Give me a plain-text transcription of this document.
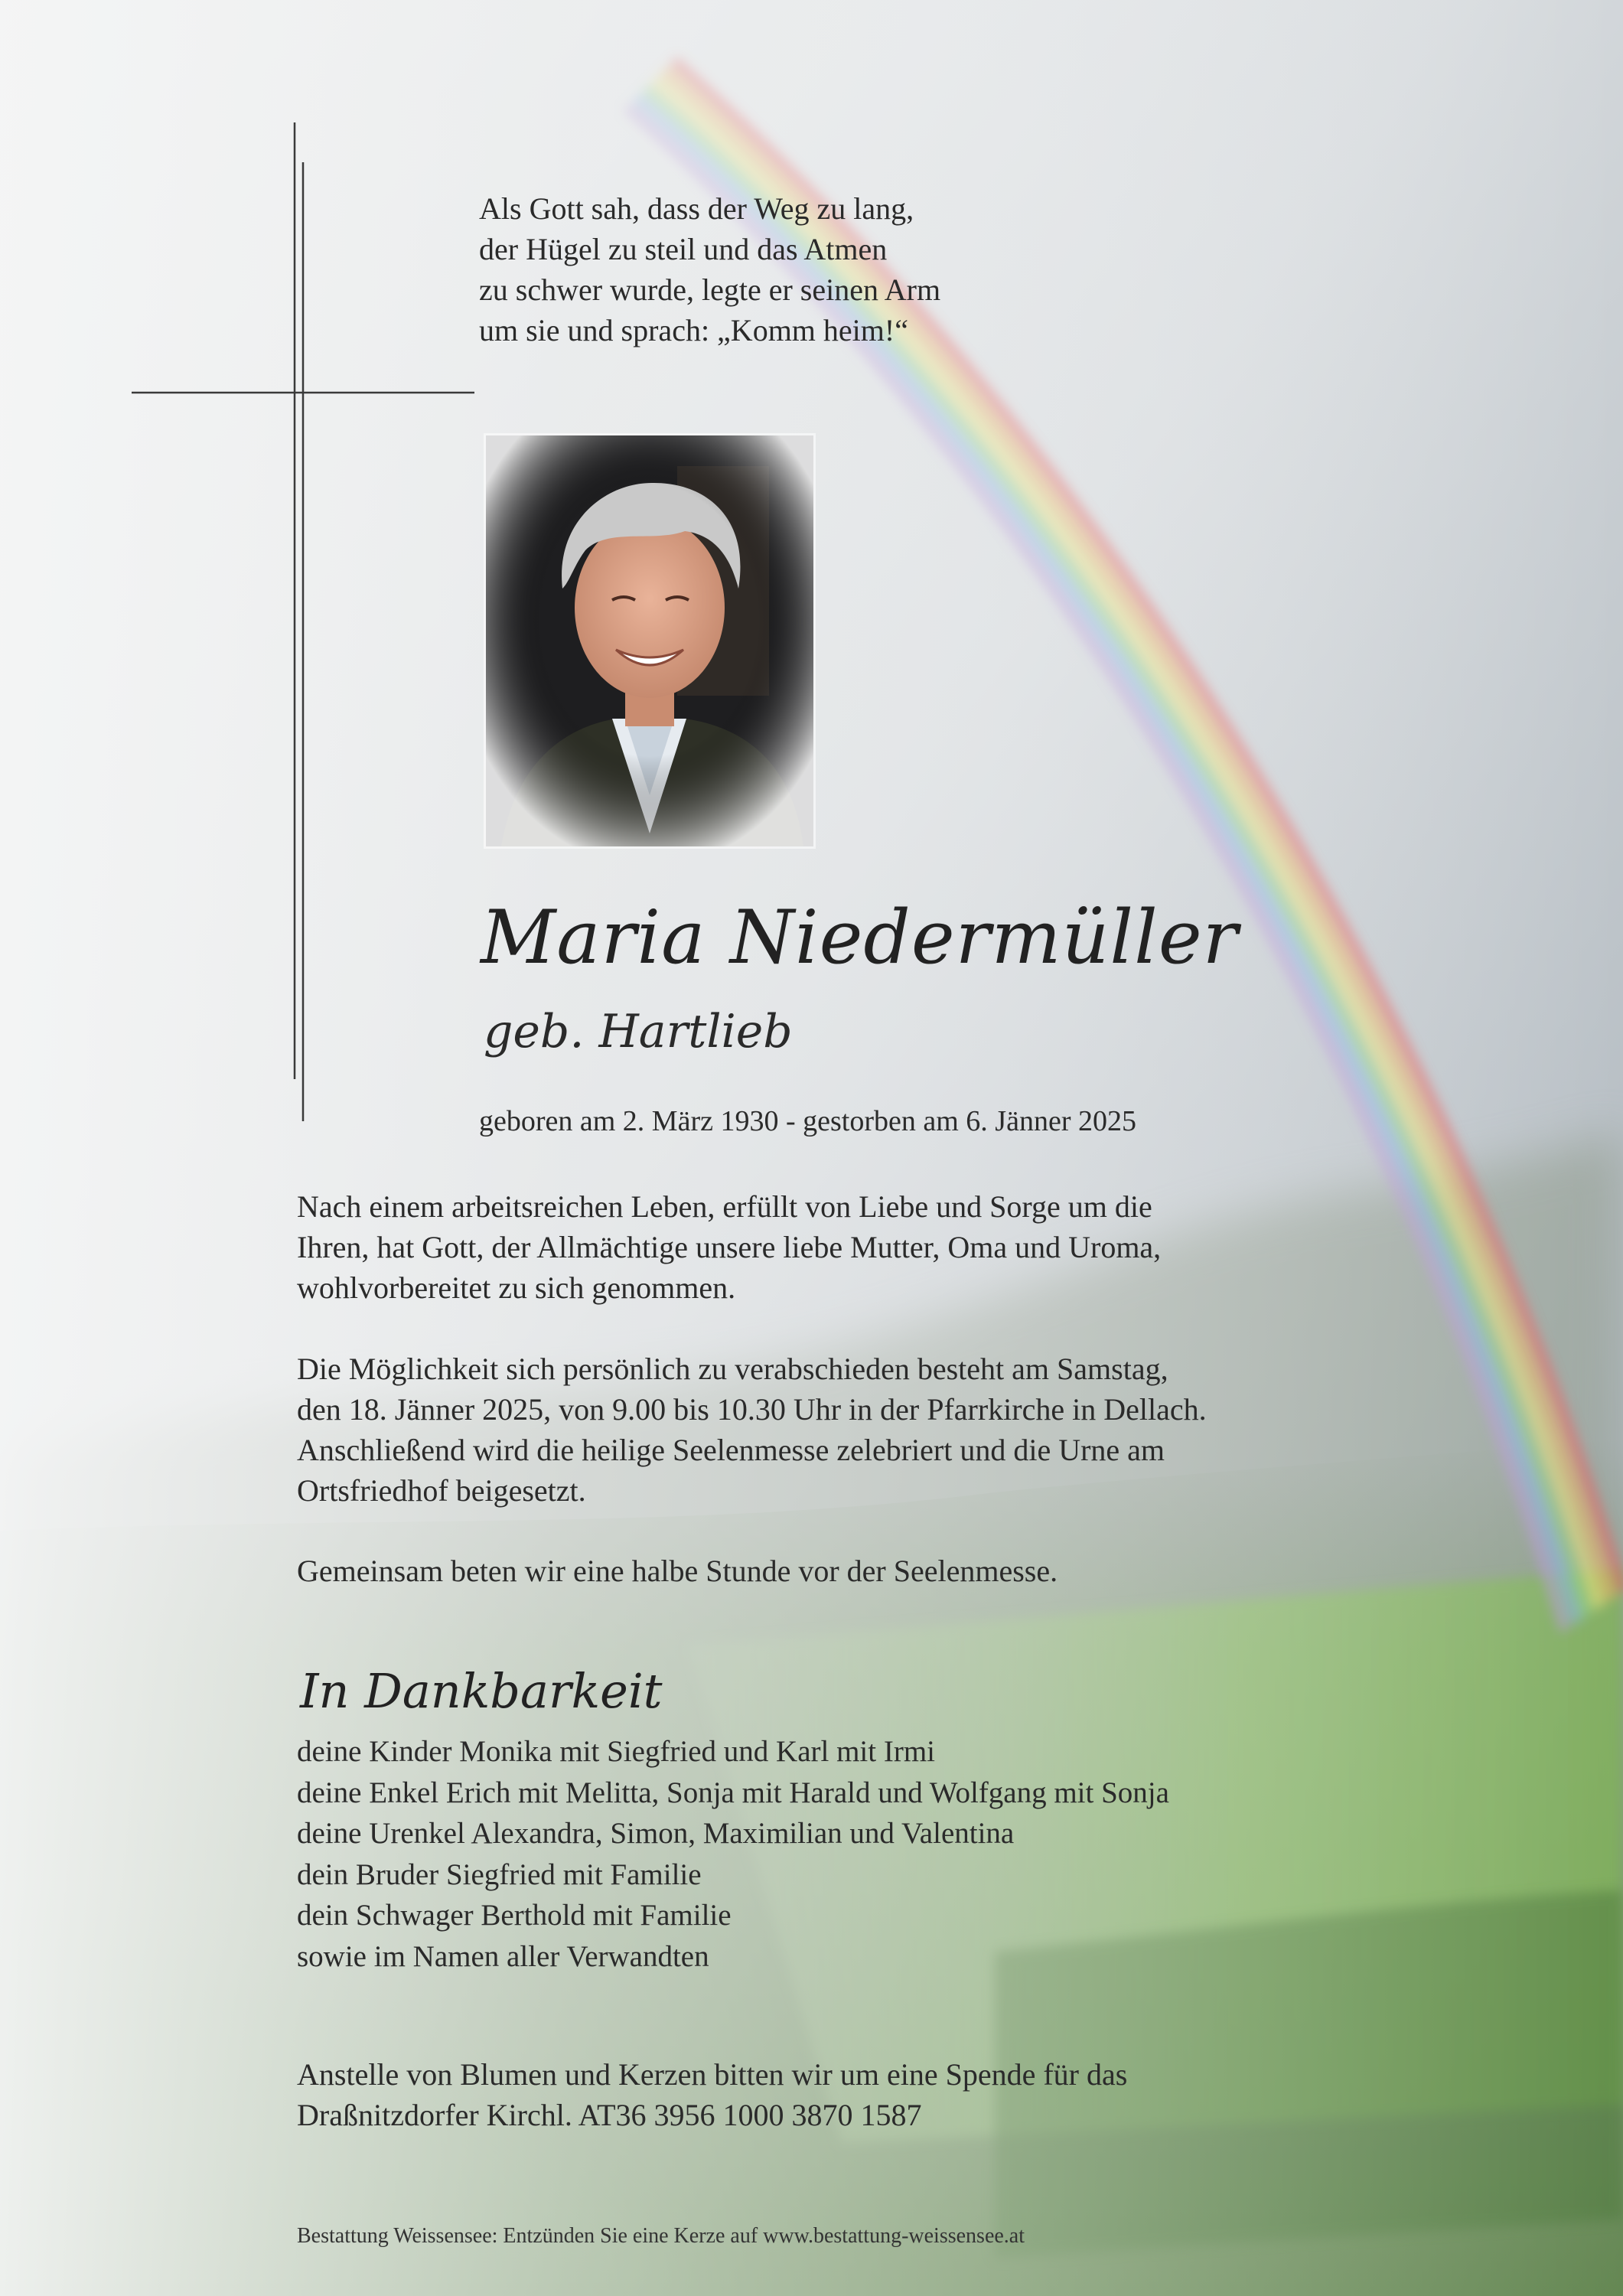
Als Gott sah, dass der Weg zu lang,
der Hügel zu steil und das Atmen
zu schwer wurde, legte er seinen Arm
um sie und sprach: „Komm heim!“
Maria Niedermüller
geb. Hartlieb
geboren am 2. März 1930 - gestorben am 6. Jänner 2025
Nach einem arbeitsreichen Leben, erfüllt von Liebe und Sorge um die
Ihren, hat Gott, der Allmächtige unsere liebe Mutter, Oma und Uroma,
wohlvorbereitet zu sich genommen.
Die Möglichkeit sich persönlich zu verabschieden besteht am Samstag,
den 18. Jänner 2025, von 9.00 bis 10.30 Uhr in der Pfarrkirche in Dellach.
Anschließend wird die heilige Seelenmesse zelebriert und die Urne am
Ortsfriedhof beigesetzt.
Gemeinsam beten wir eine halbe Stunde vor der Seelenmesse.
In Dankbarkeit
deine Kinder Monika mit Siegfried und Karl mit Irmi
deine Enkel Erich mit Melitta, Sonja mit Harald und Wolfgang mit Sonja
deine Urenkel Alexandra, Simon, Maximilian und Valentina
dein Bruder Siegfried mit Familie
dein Schwager Berthold mit Familie
sowie im Namen aller Verwandten
Anstelle von Blumen und Kerzen bitten wir um eine Spende für das
Draßnitzdorfer Kirchl. AT36 3956 1000 3870 1587
Bestattung Weissensee: Entzünden Sie eine Kerze auf www.bestattung-weissensee.at
